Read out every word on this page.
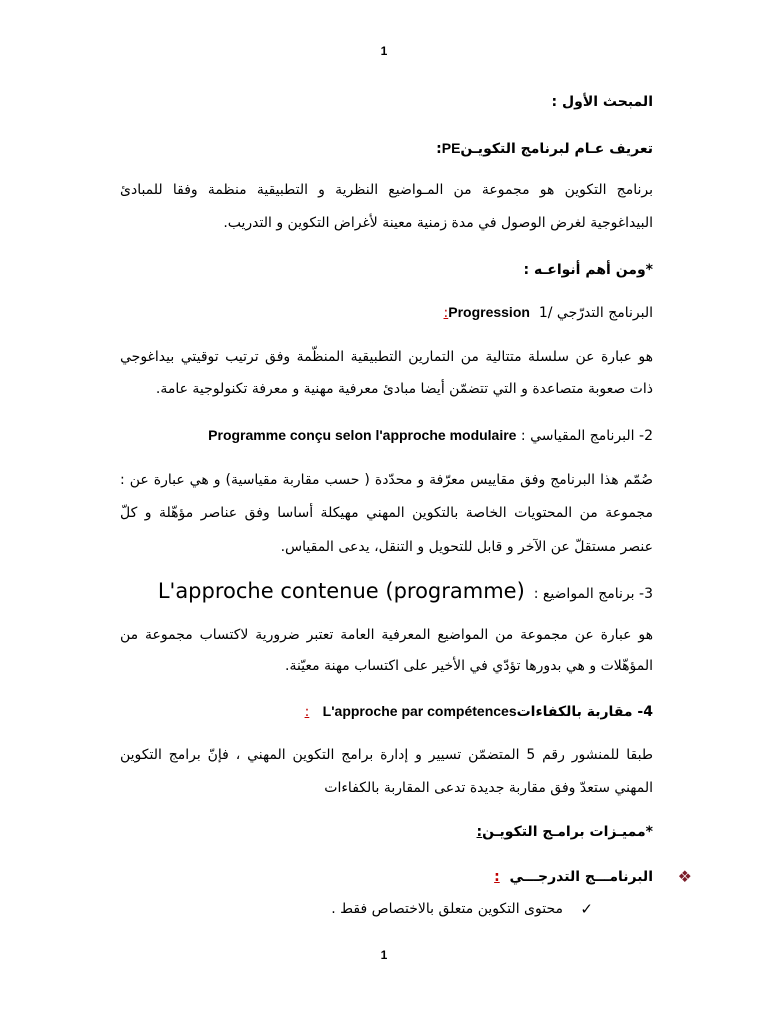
1
المبحث الأول :
تعريف عـام لبرنامج التكويـنPE:
برنامج التكوين هو مجموعة من المـواضيع النظرية و التطبيقية منظمة وفقا للمبادئ
البيداغوجية لغرض الوصول في مدة زمنية معينة لأغراض التكوين و التدريب.
*ومن أهم أنواعـه :
البرنامج التدرّجي /1  Progression:
هو عبارة عن سلسلة متتالية من التمارين التطبيقية المنظّمة وفق ترتيب توقيتي بيداغوجي
ذات صعوبة متصاعدة و التي تتضمّن أيضا مبادئ معرفية مهنية و معرفة تكنولوجية عامة.
2- البرنامج المقياسي : Programme conçu selon l'approche modulaire
صُمّم هذا البرنامج وفق مقاييس معرّفة و محدّدة ( حسب مقاربة مقياسية) و هي عبارة عن :
مجموعة من المحتويات الخاصة بالتكوين المهني مهيكلة أساسا وفق عناصر مؤهّلة و كلّ
عنصر مستقلّ عن الآخر و قابل للتحويل و التنقل، يدعى المقياس.
3- برنامج المواضيع :  L'approche contenue (programme)
هو عبارة عن مجموعة من المواضيع المعرفية العامة تعتبر ضرورية لاكتساب مجموعة من
المؤهّلات و هي بدورها تؤدّي في الأخير على اكتساب مهنة معيّنة.
4- مقاربة بالكفاءاتL'approche par compétences   :
طبقا للمنشور رقم 5 المتضمّن تسيير و إدارة برامج التكوين المهني ، فإنّ برامج التكوين
المهني ستعدّ وفق مقاربة جديدة تدعى المقاربة بالكفاءات
*مميـزات برامـج التكويـن:
❖
البرنامـــج التدرجـــي  :
✓
محتوى التكوين متعلق بالاختصاص فقط .
1
